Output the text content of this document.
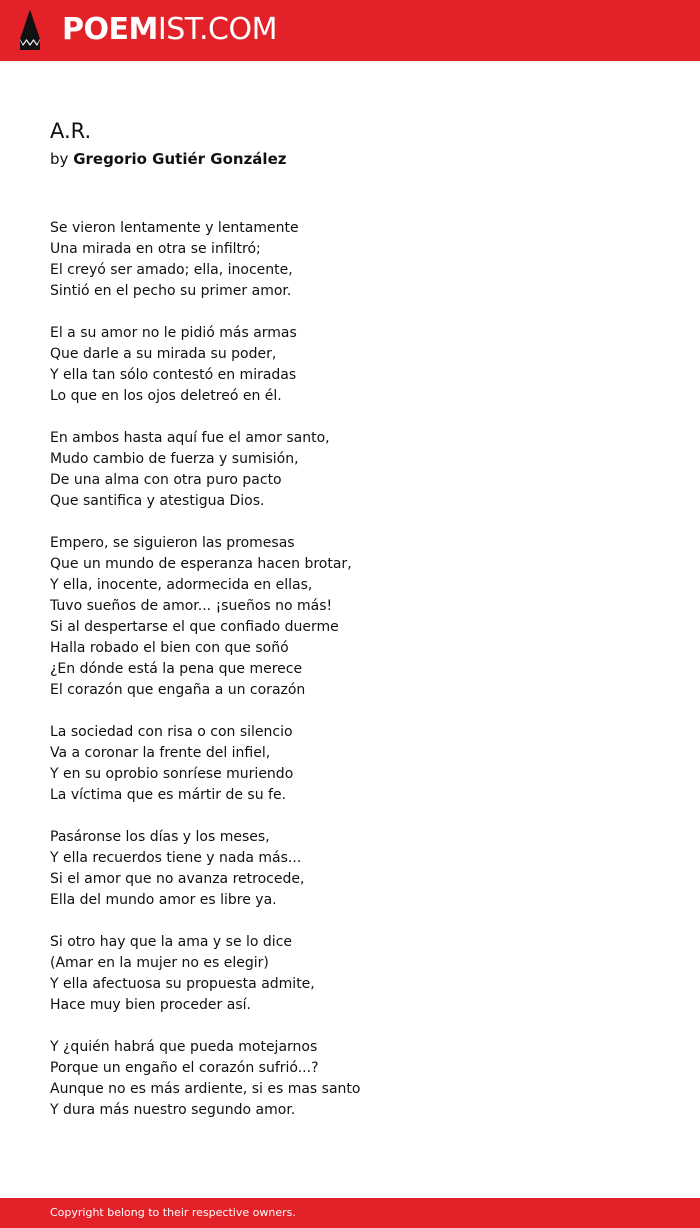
POEMIST.COM
A.R.

by Gregorio Gutiér González

Se vieron lentamente y lentamente
Una mirada en otra se infiltró;
El creyó ser amado; ella, inocente,
Sintió en el pecho su primer amor.
El a su amor no le pidió más armas
Que darle a su mirada su poder,
Y ella tan sólo contestó en miradas
Lo que en los ojos deletreó en él.
En ambos hasta aquí fue el amor santo,
Mudo cambio de fuerza y sumisión,
De una alma con otra puro pacto
Que santifica y atestigua Dios.
Empero, se siguieron las promesas
Que un mundo de esperanza hacen brotar,
Y ella, inocente, adormecida en ellas,
Tuvo sueños de amor... ¡sueños no más!
Si al despertarse el que confiado duerme
Halla robado el bien con que soñó
¿En dónde está la pena que merece
El corazón que engaña a un corazón
La sociedad con risa o con silencio
Va a coronar la frente del infiel,
Y en su oprobio sonríese muriendo
La víctima que es mártir de su fe.
Pasáronse los días y los meses,
Y ella recuerdos tiene y nada más...
Si el amor que no avanza retrocede,
Ella del mundo amor es libre ya.
Si otro hay que la ama y se lo dice
(Amar en la mujer no es elegir)
Y ella afectuosa su propuesta admite,
Hace muy bien proceder así.
Y ¿quién habrá que pueda motejarnos
Porque un engaño el corazón sufrió...?
Aunque no es más ardiente, si es mas santo
Y dura más nuestro segundo amor.
Copyright belong to their respective owners.
